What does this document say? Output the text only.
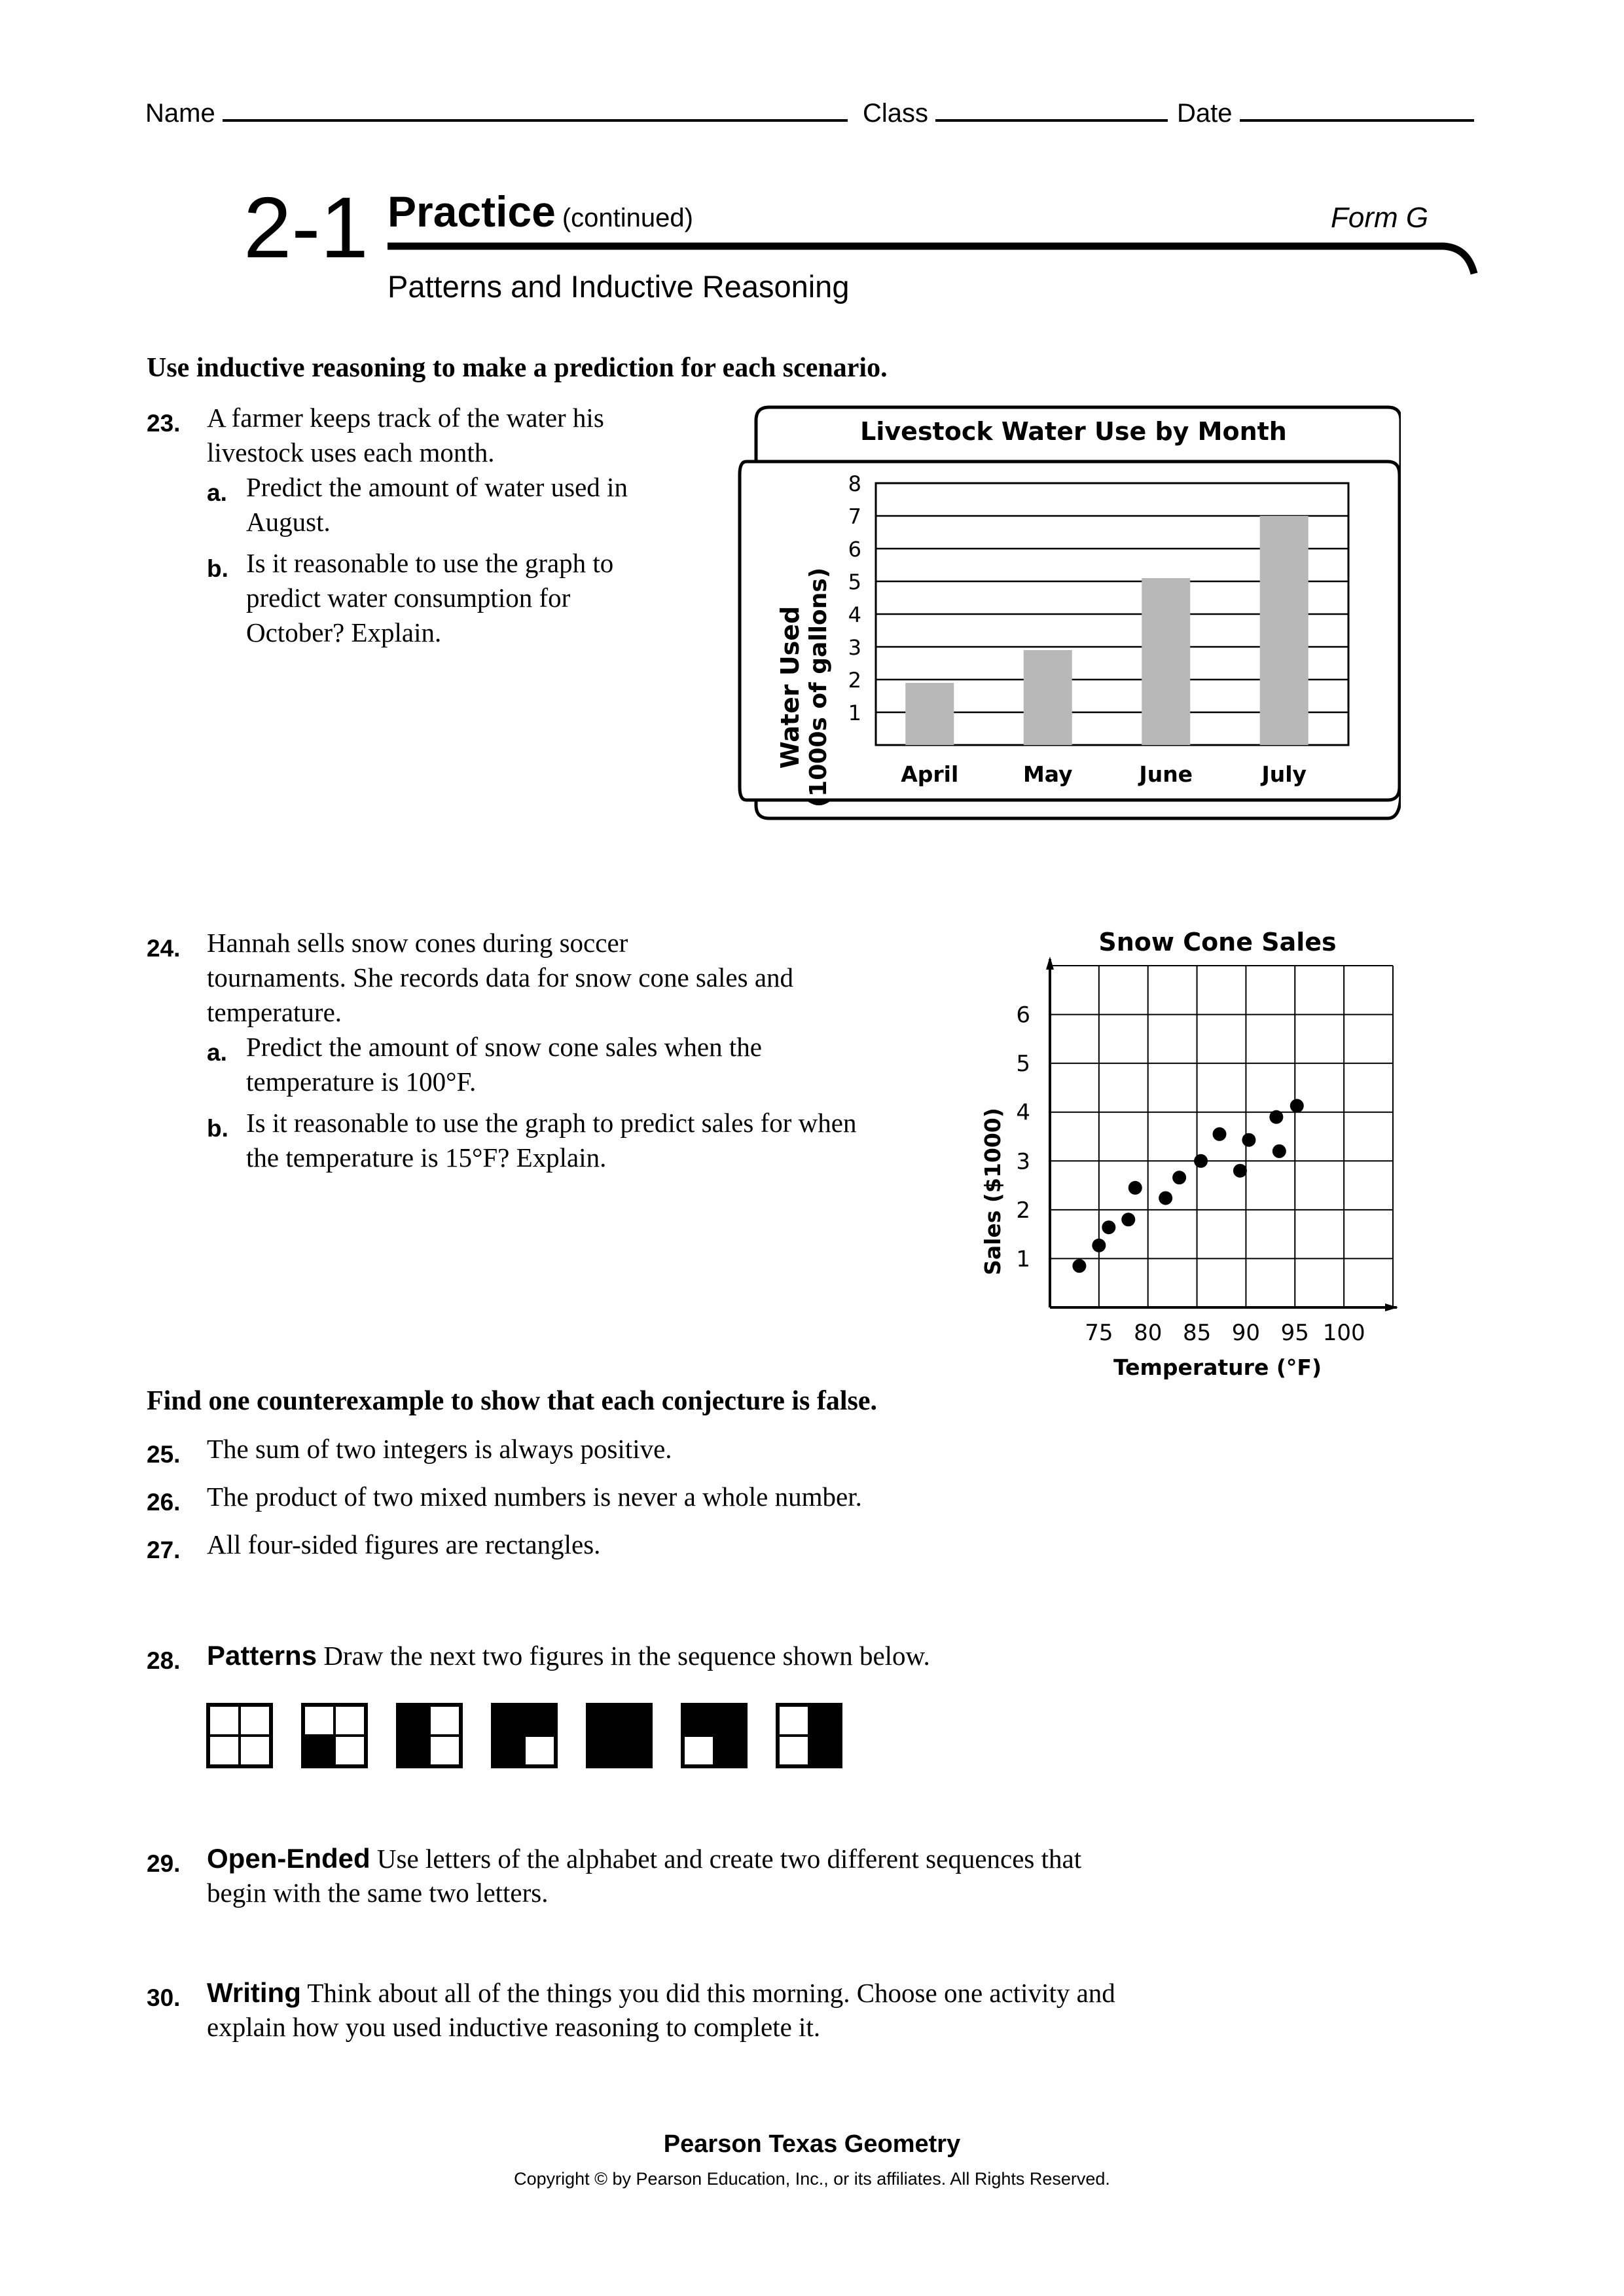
Name	Class	Date
2-1 Practice (continued)	Form G
Patterns and Inductive Reasoning
Use inductive reasoning to make a prediction for each scenario.
23. A farmer keeps track of the water his
livestock uses each month.
a. Predict the amount of water used in
August.
b. Is it reasonable to use the graph to
predict water consumption for
October? Explain.
Livestock Water Use by Month
1
2
3
4
5
6
7
8
April	May	June	July
Water Used (1000s of gallons)
24. Hannah sells snow cones during soccer
tournaments. She records data for snow cone sales and
temperature.
a. Predict the amount of snow cone sales when the
temperature is 100°F.
b. Is it reasonable to use the graph to predict sales for when
the temperature is 15°F? Explain.
Snow Cone Sales
1
2
3
4
5
6
75 80 85 90 95 100
Temperature (°F)
Sales ($1000)
Find one counterexample to show that each conjecture is false.
25. The sum of two integers is always positive.
26. The product of two mixed numbers is never a whole number.
27. All four-sided figures are rectangles.
28. Patterns Draw the next two figures in the sequence shown below.
29. Open-Ended Use letters of the alphabet and create two different sequences that
begin with the same two letters.
30. Writing Think about all of the things you did this morning. Choose one activity and
explain how you used inductive reasoning to complete it.
Pearson Texas Geometry
Copyright © by Pearson Education, Inc., or its affiliates. All Rights Reserved.
